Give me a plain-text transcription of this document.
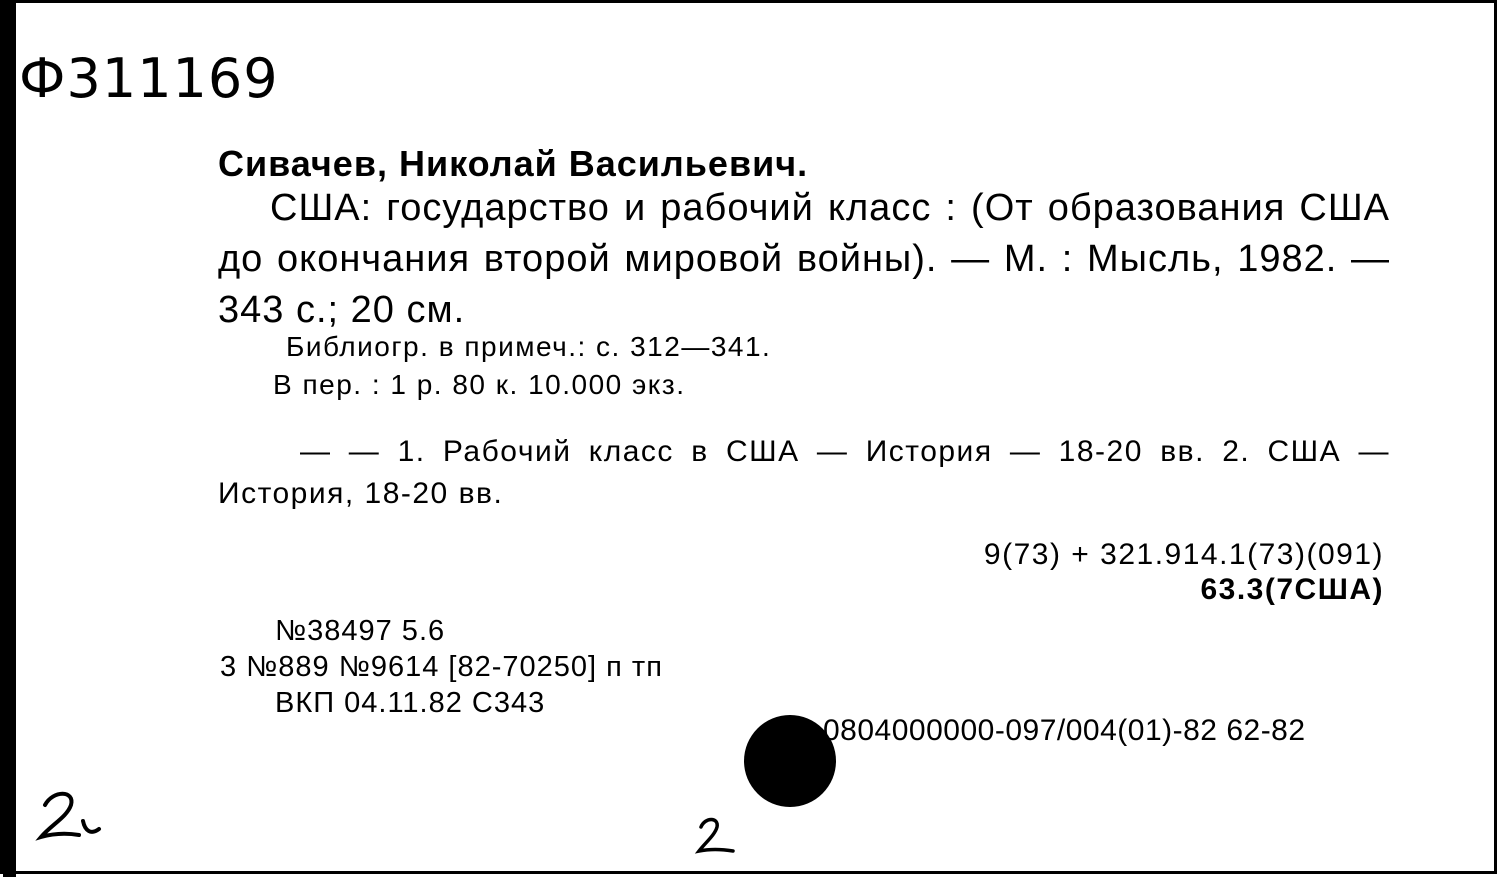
Ф311169
Сивачев, Николай Васильевич.
США: государство и рабочий класс : (От образования США до окончания второй мировой войны). — М. : Мысль, 1982. — 343 с.; 20 см.
Библиогр. в примеч.: с. 312—341.
В пер. : 1 р. 80 к. 10.000 экз.
— — 1. Рабочий класс в США — История — 18-20 вв. 2. США — История, 18-20 вв.
9(73) + 321.914.1(73)(091)
63.3(7США)
№38497 5.6
3 №889 №9614 [82-70250] п тп
ВКП 04.11.82 С343
0804000000-097/004(01)-82 62-82
